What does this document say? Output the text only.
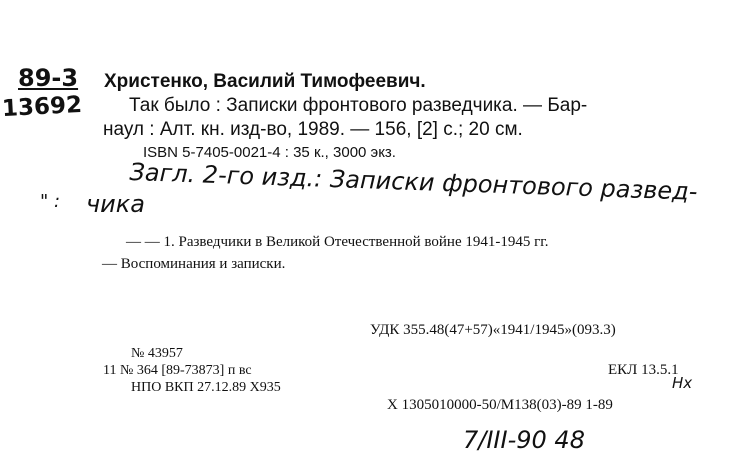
89-3
13692
Христенко, Василий Тимофеевич.
Так было : Записки фронтового разведчика. — Бар-
наул : Алт. кн. изд-во, 1989. — 156, [2] с.; 20 см.
ISBN 5-7405-0021-4 : 35 к., 3000 экз.
Загл. 2-го изд.: Записки фронтового развед-
" : чика
— — 1. Разведчики в Великой Отечественной войне 1941-1945 гг.
— Воспоминания и записки.
УДК 355.48(47+57)«1941/1945»(093.3)
№ 43957
11 № 364 [89-73873] п вс
НПО ВКП 27.12.89 Х935
ЕКЛ 13.5.1
Нх
Х 1305010000-50/М138(03)-89 1-89
7/III-90 48
